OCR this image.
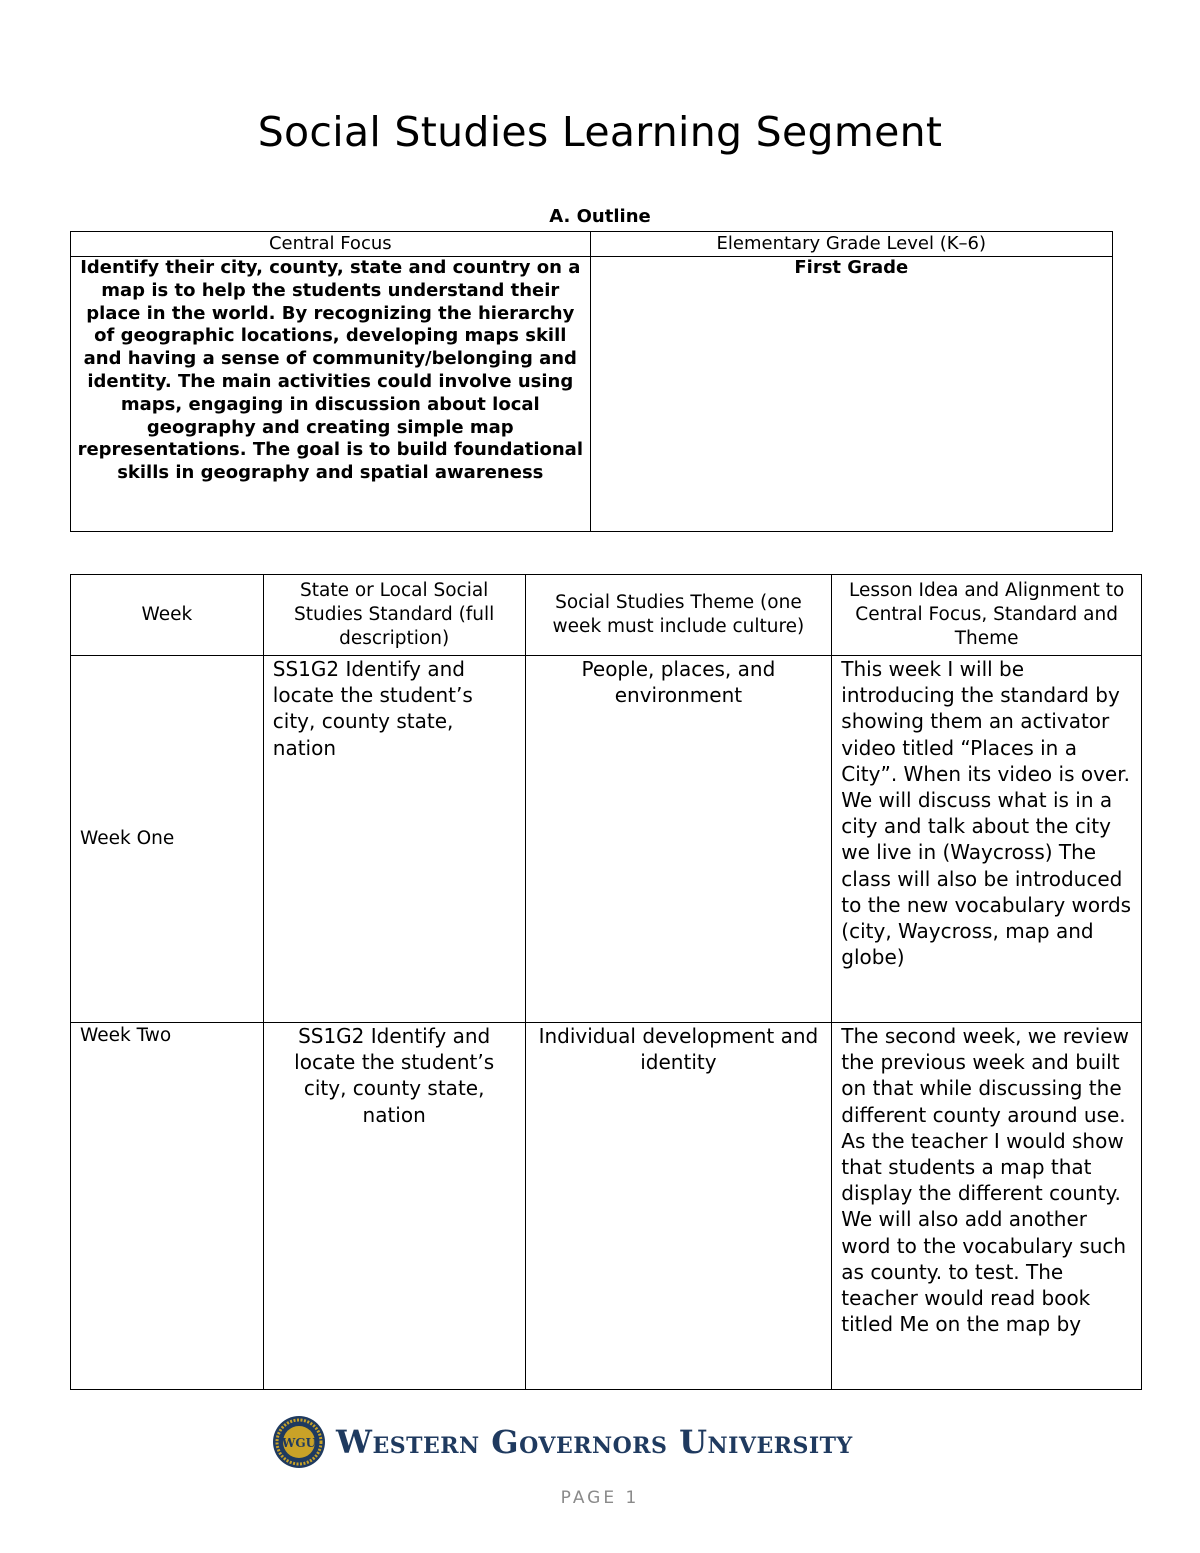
Social Studies Learning Segment
A. Outline
Central Focus	Elementary Grade Level (K–6)
Identify their city, county, state and country on a map is to help the students understand their place in the world. By recognizing the hierarchy of geographic locations, developing maps skill and having a sense of community/belonging and identity. The main activities could involve using maps, engaging in discussion about local geography and creating simple map representations. The goal is to build foundational skills in geography and spatial awareness	First Grade
Week	State or Local Social Studies Standard (full description)	Social Studies Theme (one week must include culture)	Lesson Idea and Alignment to Central Focus, Standard and Theme
Week One	SS1G2 Identify and locate the student’s city, county state, nation	People, places, and environment	This week I will be introducing the standard by showing them an activator video titled “Places in a City”. When its video is over. We will discuss what is in a city and talk about the city we live in (Waycross) The class will also be introduced to the new vocabulary words (city, Waycross, map and globe)

Week Two	SS1G2 Identify and locate the student’s city, county state, nation	Individual development and identity	The second week, we review the previous week and built on that while discussing the different county around use. As the teacher I would show that students a map that display the different county. We will also add another word to the vocabulary such as county. to test. The teacher would read book titled Me on the map by
WGU Western Governors University
PAGE 1
